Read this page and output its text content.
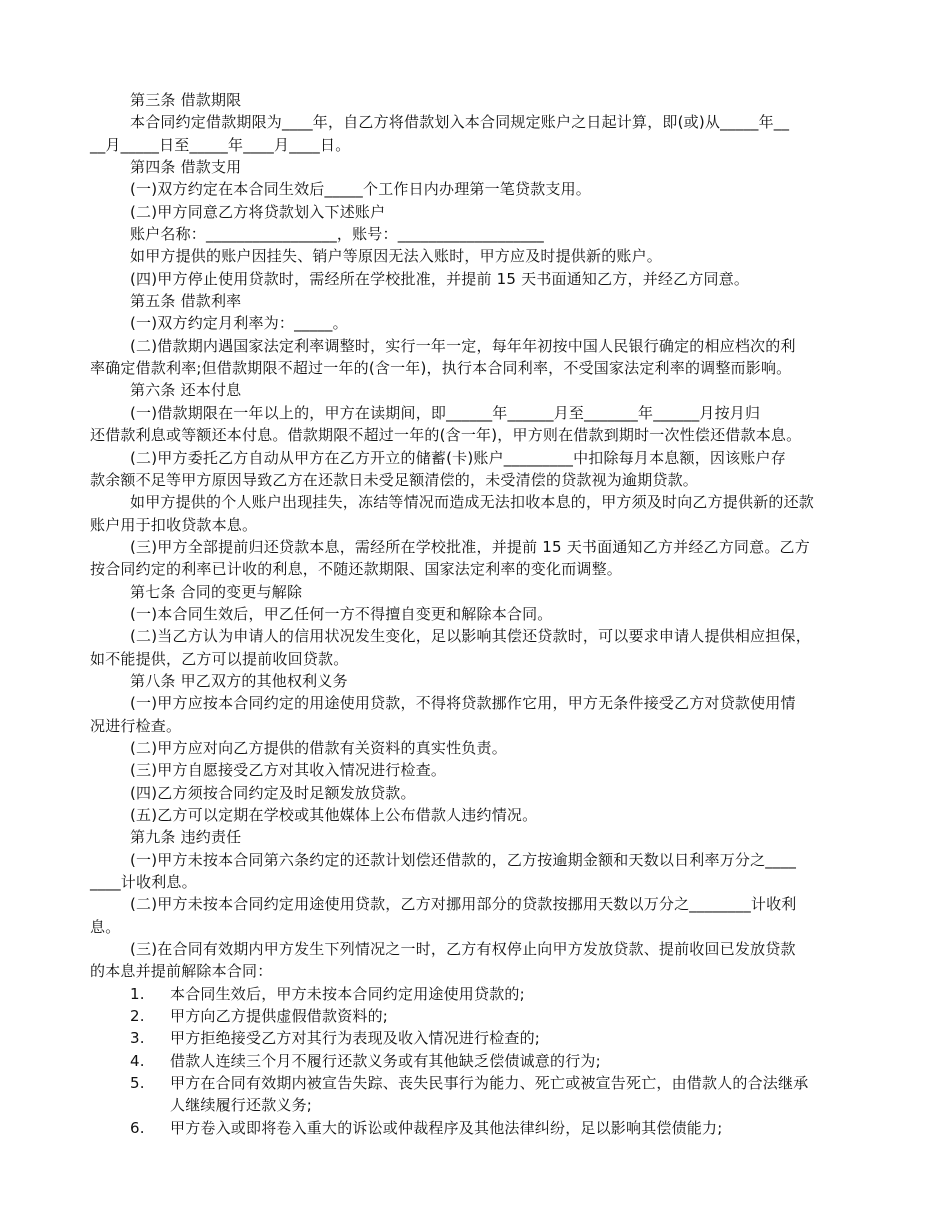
第三条 借款期限
本合同约定借款期限为____年，自乙方将借款划入本合同规定账户之日起计算，即(或)从_____年__
__月_____日至_____年____月____日。
第四条 借款支用
(一)双方约定在本合同生效后_____个工作日内办理第一笔贷款支用。
(二)甲方同意乙方将贷款划入下述账户
账户名称：_________________，账号：___________________
如甲方提供的账户因挂失、销户等原因无法入账时，甲方应及时提供新的账户。
(四)甲方停止使用贷款时，需经所在学校批准，并提前 15 天书面通知乙方，并经乙方同意。
第五条 借款利率
(一)双方约定月利率为：_____。
(二)借款期内遇国家法定利率调整时，实行一年一定，每年年初按中国人民银行确定的相应档次的利
率确定借款利率;但借款期限不超过一年的(含一年)，执行本合同利率，不受国家法定利率的调整而影响。
第六条 还本付息
(一)借款期限在一年以上的，甲方在读期间，即______年______月至_______年______月按月归
还借款利息或等额还本付息。借款期限不超过一年的(含一年)，甲方则在借款到期时一次性偿还借款本息。
(二)甲方委托乙方自动从甲方在乙方开立的储蓄(卡)账户_________中扣除每月本息额，因该账户存
款余额不足等甲方原因导致乙方在还款日未受足额清偿的，未受清偿的贷款视为逾期贷款。
如甲方提供的个人账户出现挂失，冻结等情况而造成无法扣收本息的，甲方须及时向乙方提供新的还款
账户用于扣收贷款本息。
(三)甲方全部提前归还贷款本息，需经所在学校批准，并提前 15 天书面通知乙方并经乙方同意。乙方
按合同约定的利率已计收的利息，不随还款期限、国家法定利率的变化而调整。
第七条 合同的变更与解除
(一)本合同生效后，甲乙任何一方不得擅自变更和解除本合同。
(二)当乙方认为申请人的信用状况发生变化，足以影响其偿还贷款时，可以要求申请人提供相应担保，
如不能提供，乙方可以提前收回贷款。
第八条 甲乙双方的其他权利义务
(一)甲方应按本合同约定的用途使用贷款，不得将贷款挪作它用，甲方无条件接受乙方对贷款使用情
况进行检查。
(二)甲方应对向乙方提供的借款有关资料的真实性负责。
(三)甲方自愿接受乙方对其收入情况进行检查。
(四)乙方须按合同约定及时足额发放贷款。
(五)乙方可以定期在学校或其他媒体上公布借款人违约情况。
第九条 违约责任
(一)甲方未按本合同第六条约定的还款计划偿还借款的，乙方按逾期金额和天数以日利率万分之____
____计收利息。
(二)甲方未按本合同约定用途使用贷款，乙方对挪用部分的贷款按挪用天数以万分之________计收利
息。
(三)在合同有效期内甲方发生下列情况之一时，乙方有权停止向甲方发放贷款、提前收回已发放贷款
的本息并提前解除本合同：
1. 本合同生效后，甲方未按本合同约定用途使用贷款的;
2. 甲方向乙方提供虚假借款资料的;
3. 甲方拒绝接受乙方对其行为表现及收入情况进行检查的;
4. 借款人连续三个月不履行还款义务或有其他缺乏偿债诚意的行为;
5. 甲方在合同有效期内被宣告失踪、丧失民事行为能力、死亡或被宣告死亡，由借款人的合法继承
人继续履行还款义务;
6. 甲方卷入或即将卷入重大的诉讼或仲裁程序及其他法律纠纷，足以影响其偿债能力;
